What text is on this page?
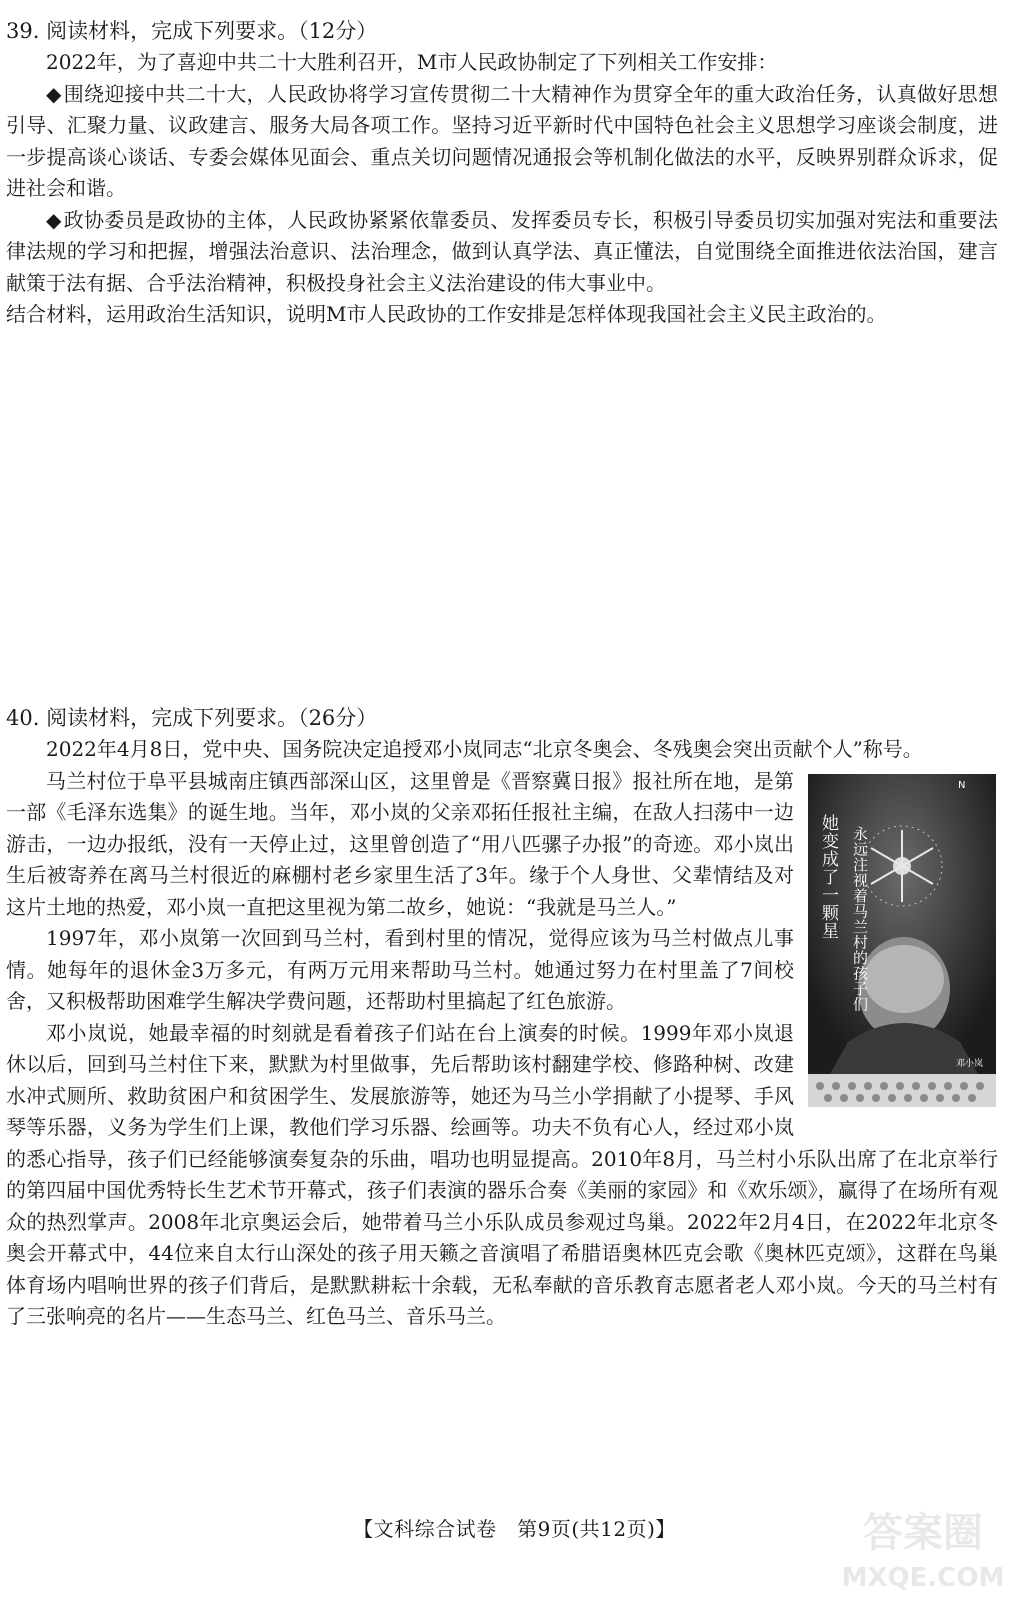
39. 阅读材料，完成下列要求。（12分）

2022年，为了喜迎中共二十大胜利召开，M市人民政协制定了下列相关工作安排：

◆ 围绕迎接中共二十大，人民政协将学习宣传贯彻二十大精神作为贯穿全年的重大政治任务，认真做好思想引导、汇聚力量、议政建言、服务大局各项工作。坚持习近平新时代中国特色社会主义思想学习座谈会制度，进一步提高谈心谈话、专委会媒体见面会、重点关切问题情况通报会等机制化做法的水平，反映界别群众诉求，促进社会和谐。

◆ 政协委员是政协的主体，人民政协紧紧依靠委员、发挥委员专长，积极引导委员切实加强对宪法和重要法律法规的学习和把握，增强法治意识、法治理念，做到认真学法、真正懂法，自觉围绕全面推进依法治国，建言献策于法有据、合乎法治精神，积极投身社会主义法治建设的伟大事业中。

结合材料，运用政治生活知识，说明M市人民政协的工作安排是怎样体现我国社会主义民主政治的。

40. 阅读材料，完成下列要求。（26分）

2022年4月8日，党中央、国务院决定追授邓小岚同志“北京冬奥会、冬残奥会突出贡献个人”称号。

N
她变成了一颗星 永远注视着马兰村的孩子们
邓小岚

马兰村位于阜平县城南庄镇西部深山区，这里曾是《晋察冀日报》报社所在地，是第一部《毛泽东选集》的诞生地。当年，邓小岚的父亲邓拓任报社主编，在敌人扫荡中一边游击，一边办报纸，没有一天停止过，这里曾创造了“用八匹骡子办报”的奇迹。邓小岚出生后被寄养在离马兰村很近的麻棚村老乡家里生活了3年。缘于个人身世、父辈情结及对这片土地的热爱，邓小岚一直把这里视为第二故乡，她说：“我就是马兰人。”

1997年，邓小岚第一次回到马兰村，看到村里的情况，觉得应该为马兰村做点儿事情。她每年的退休金3万多元，有两万元用来帮助马兰村。她通过努力在村里盖了7间校舍，又积极帮助困难学生解决学费问题，还帮助村里搞起了红色旅游。

邓小岚说，她最幸福的时刻就是看着孩子们站在台上演奏的时候。1999年邓小岚退休以后，回到马兰村住下来，默默为村里做事，先后帮助该村翻建学校、修路种树、改建水冲式厕所、救助贫困户和贫困学生、发展旅游等，她还为马兰小学捐献了小提琴、手风琴等乐器，义务为学生们上课，教他们学习乐器、绘画等。功夫不负有心人，经过邓小岚的悉心指导，孩子们已经能够演奏复杂的乐曲，唱功也明显提高。2010年8月，马兰村小乐队出席了在北京举行的第四届中国优秀特长生艺术节开幕式，孩子们表演的器乐合奏《美丽的家园》和《欢乐颂》，赢得了在场所有观众的热烈掌声。2008年北京奥运会后，她带着马兰小乐队成员参观过鸟巢。2022年2月4日，在2022年北京冬奥会开幕式中，44位来自太行山深处的孩子用天籁之音演唱了希腊语奥林匹克会歌《奥林匹克颂》，这群在鸟巢体育场内唱响世界的孩子们背后，是默默耕耘十余载，无私奉献的音乐教育志愿者老人邓小岚。今天的马兰村有了三张响亮的名片——生态马兰、红色马兰、音乐马兰。

【文科综合试卷　第9页(共12页)】	答案圈 MXQE.COM
